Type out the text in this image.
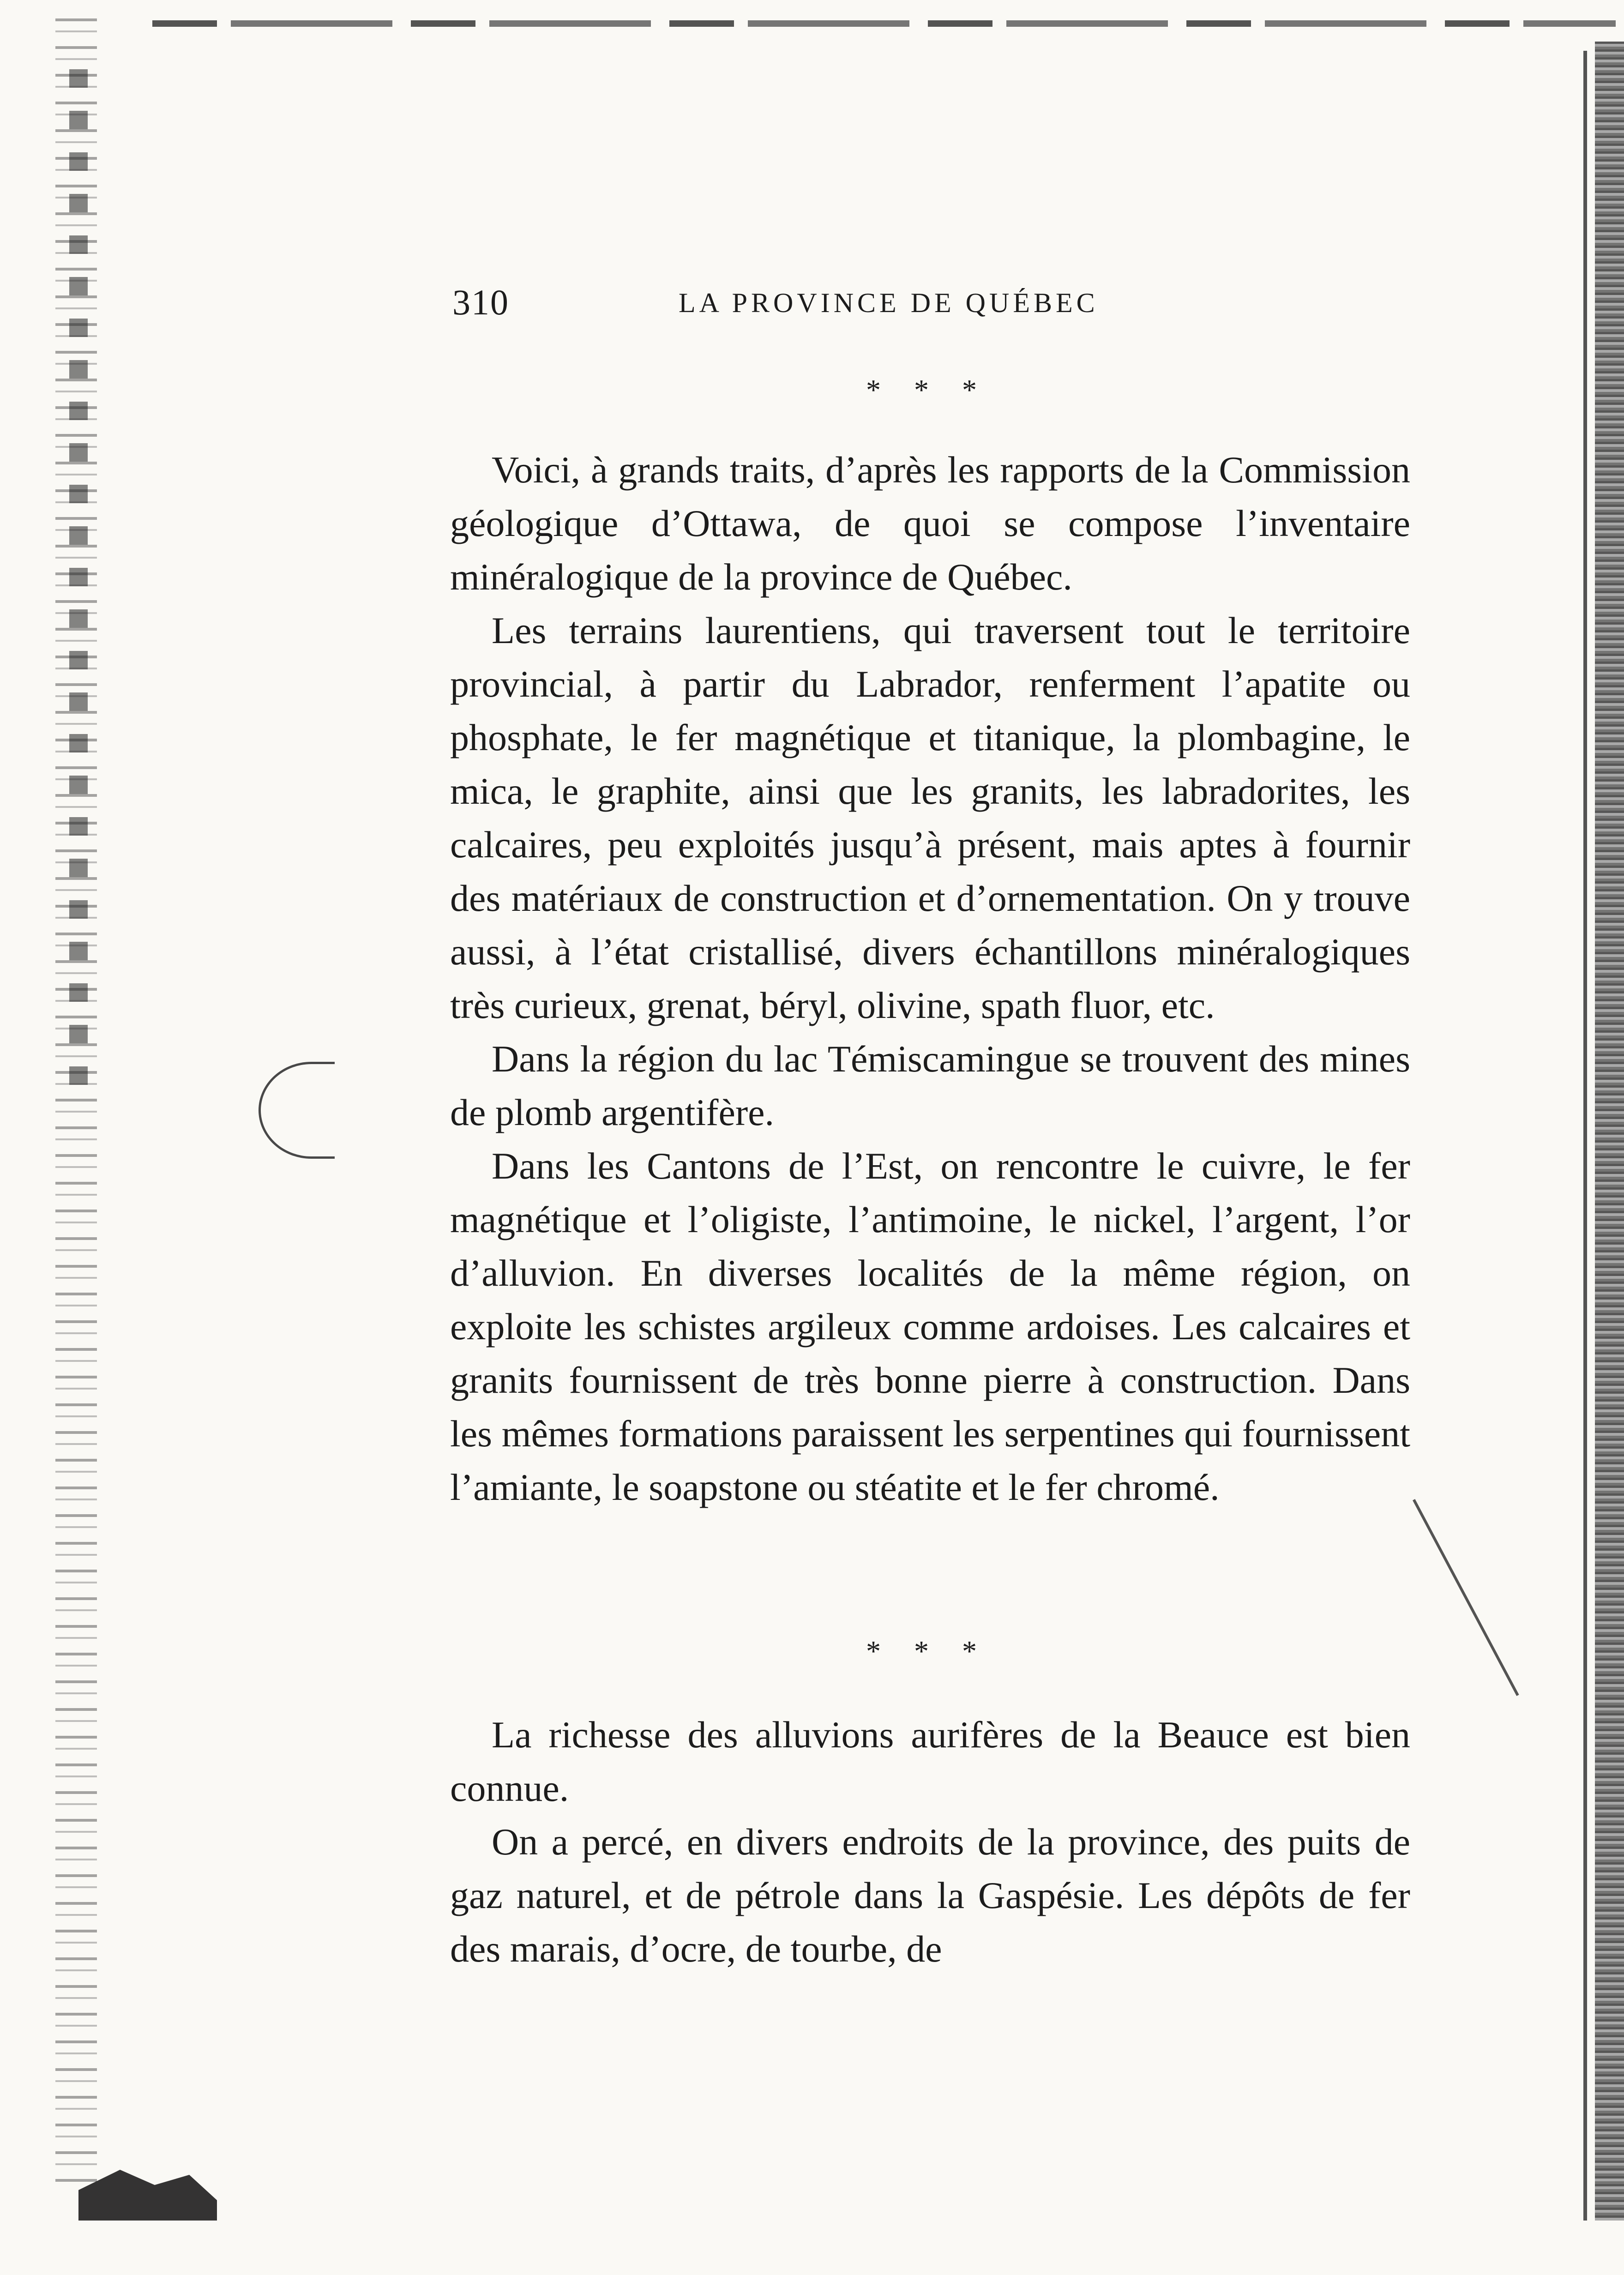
310	LA PROVINCE DE QUÉBEC
* * *

Voici, à grands traits, d’après les rapports de la Commission géologique d’Ottawa, de quoi se compose l’inventaire minéralogique de la province de Québec.

Les terrains laurentiens, qui traversent tout le territoire provincial, à partir du Labrador, renferment l’apatite ou phosphate, le fer magnétique et titanique, la plombagine, le mica, le graphite, ainsi que les granits, les labradorites, les calcaires, peu exploités jusqu’à présent, mais aptes à fournir des matériaux de construction et d’ornementation. On y trouve aussi, à l’état cristallisé, divers échantillons minéralogiques très curieux, grenat, béryl, olivine, spath fluor, etc.

Dans la région du lac Témiscamingue se trouvent des mines de plomb argentifère.

Dans les Cantons de l’Est, on rencontre le cuivre, le fer magnétique et l’oligiste, l’antimoine, le nickel, l’argent, l’or d’alluvion. En diverses localités de la même région, on exploite les schistes argileux comme ardoises. Les calcaires et granits fournissent de très bonne pierre à construction. Dans les mêmes formations paraissent les serpentines qui fournissent l’amiante, le soapstone ou stéatite et le fer chromé.

* * *

La richesse des alluvions aurifères de la Beauce est bien connue.

On a percé, en divers endroits de la province, des puits de gaz naturel, et de pétrole dans la Gaspésie. Les dépôts de fer des marais, d’ocre, de tourbe, de
